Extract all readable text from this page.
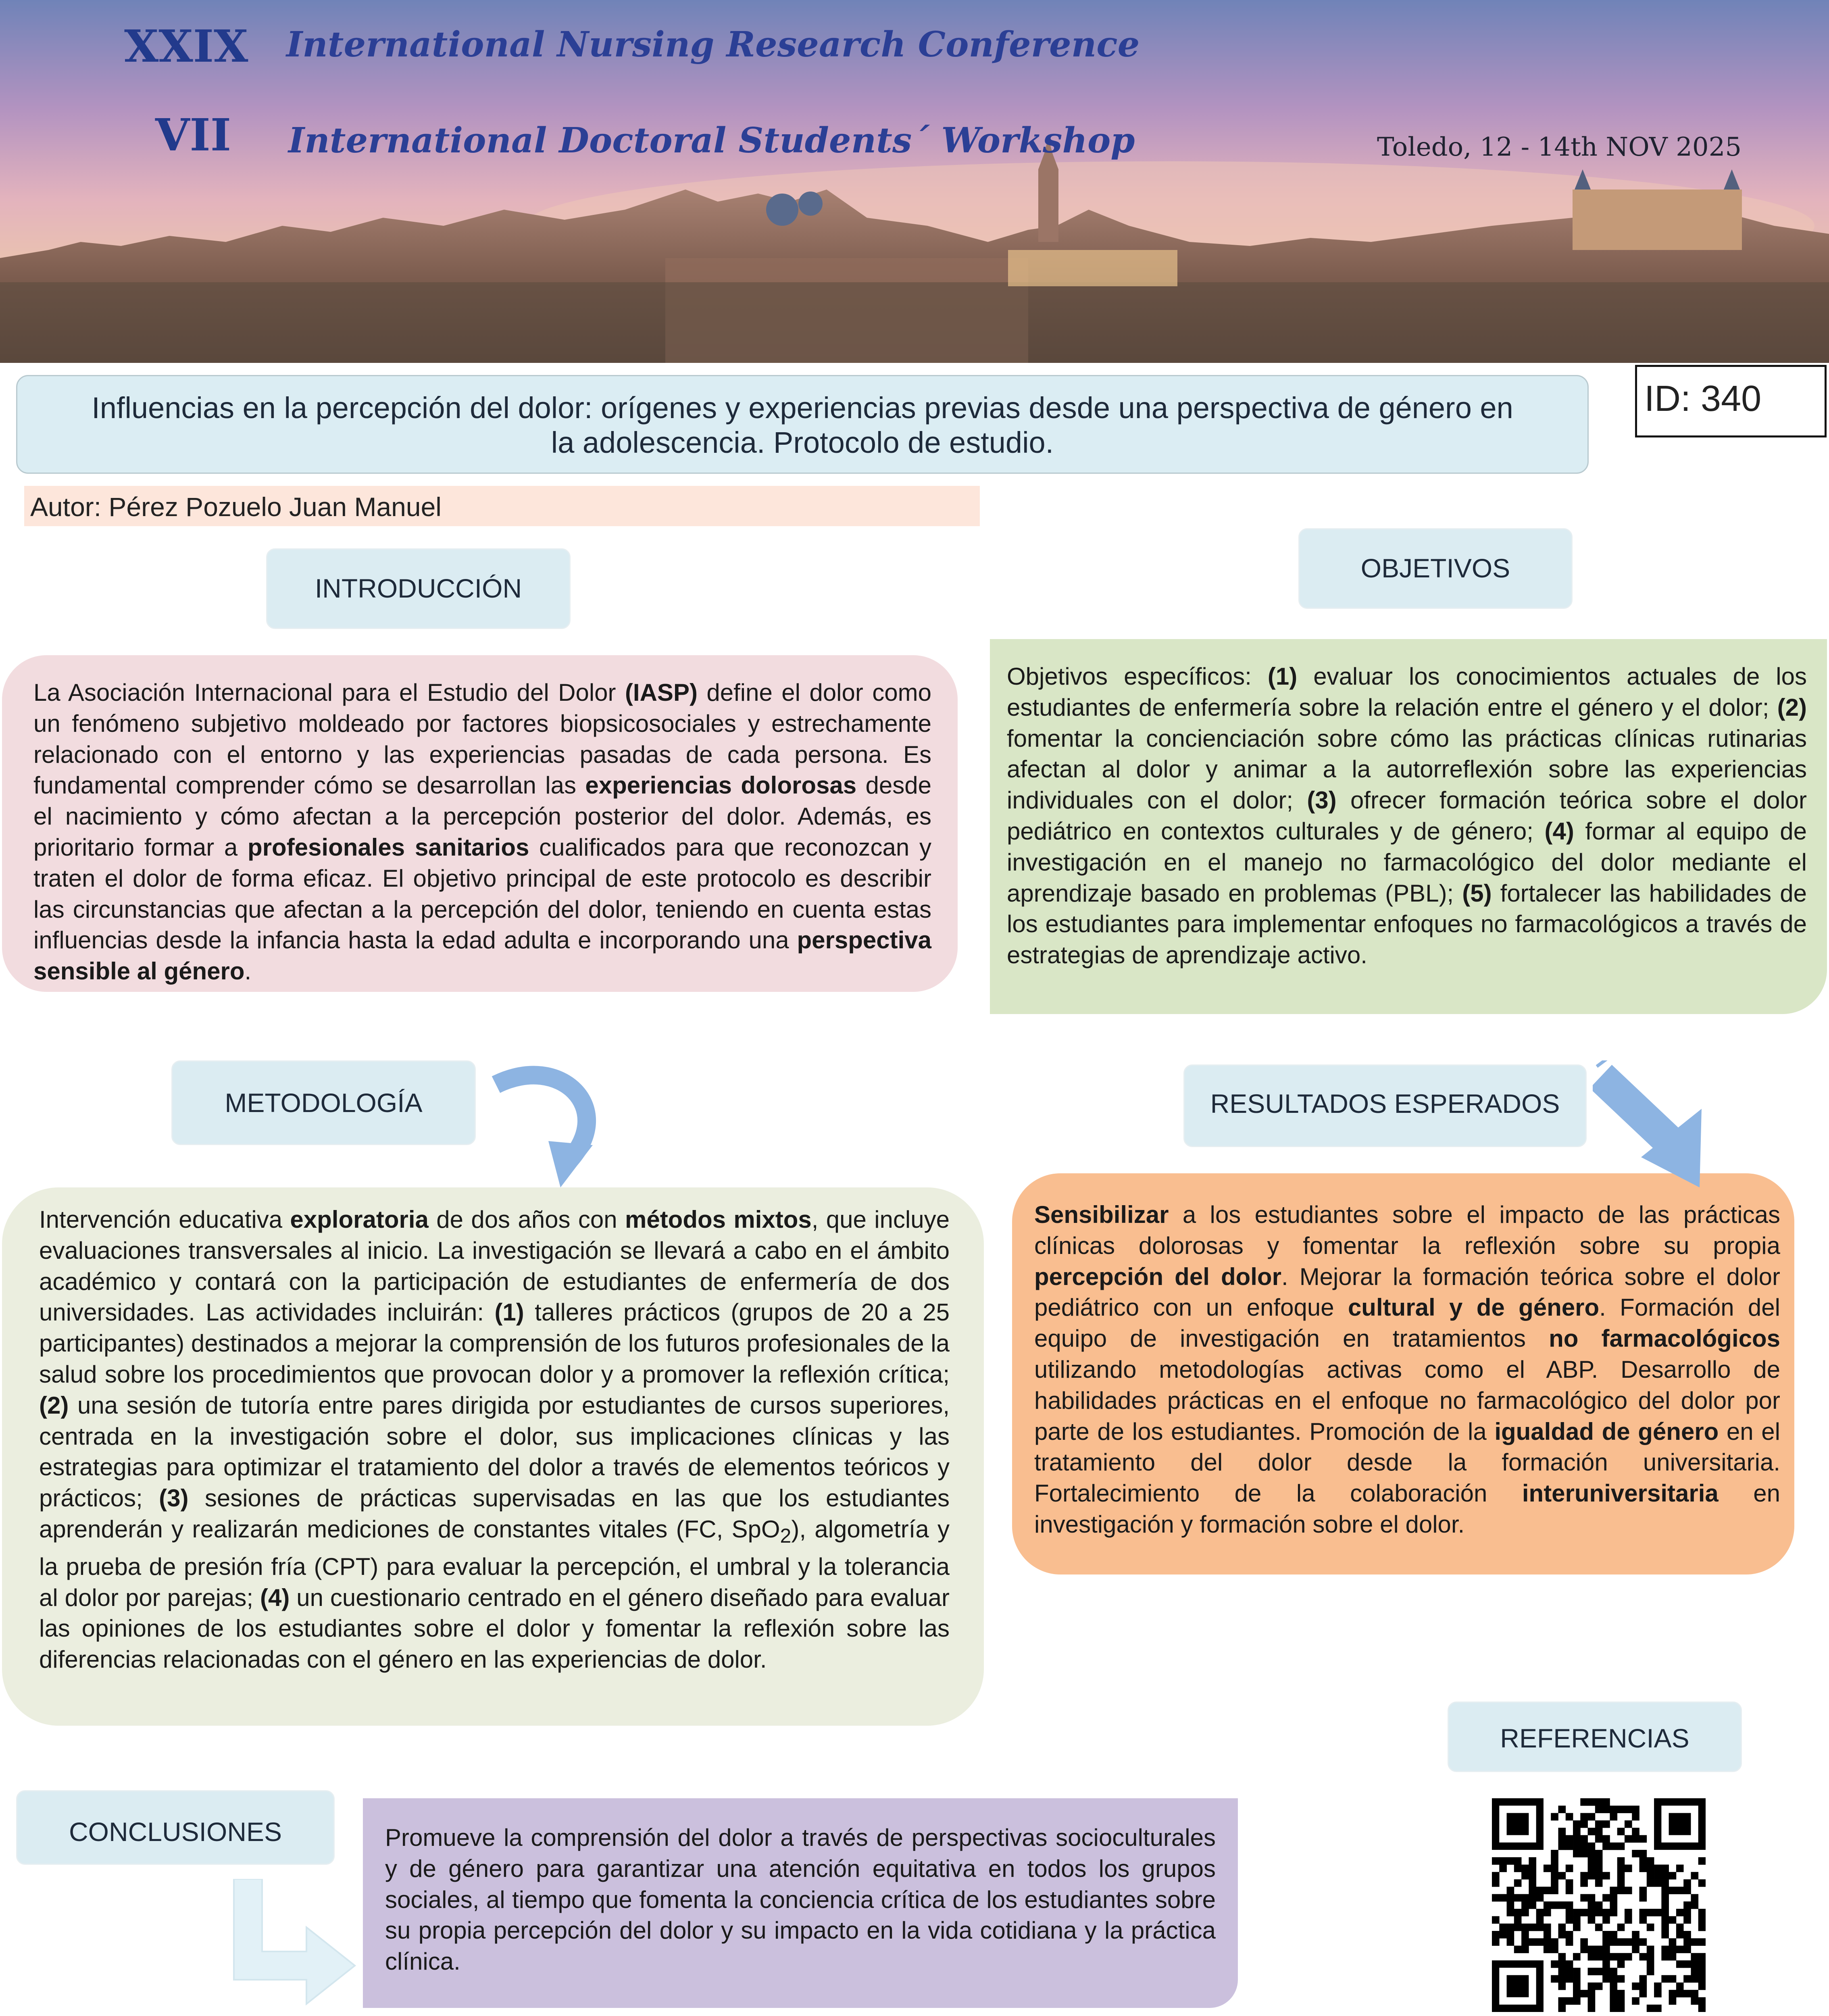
XXIX International Nursing Research Conference
VII International Doctoral Students´ Workshop	Toledo, 12 - 14th NOV 2025
Influencias en la percepción del dolor: orígenes y experiencias previas desde una perspectiva de género en
la adolescencia. Protocolo de estudio.
ID: 340
Autor: Pérez Pozuelo Juan Manuel
INTRODUCCIÓN
OBJETIVOS
METODOLOGÍA	RESULTADOS ESPERADOS
REFERENCIAS
CONCLUSIONES
La Asociación Internacional para el Estudio del Dolor (IASP) define el dolor como un fenómeno subjetivo moldeado por factores biopsicosociales y estrechamente relacionado con el entorno y las experiencias pasadas de cada persona. Es fundamental comprender cómo se desarrollan las experiencias dolorosas desde el nacimiento y cómo afectan a la percepción posterior del dolor. Además, es prioritario formar a profesionales sanitarios cualificados para que reconozcan y traten el dolor de forma eficaz. El objetivo principal de este protocolo es describir las circunstancias que afectan a la percepción del dolor, teniendo en cuenta estas influencias desde la infancia hasta la edad adulta e incorporando una perspectiva sensible al género.
Objetivos específicos: (1) evaluar los conocimientos actuales de los estudiantes de enfermería sobre la relación entre el género y el dolor; (2) fomentar la concienciación sobre cómo las prácticas clínicas rutinarias afectan al dolor y animar a la autorreflexión sobre las experiencias individuales con el dolor; (3) ofrecer formación teórica sobre el dolor pediátrico en contextos culturales y de género; (4) formar al equipo de investigación en el manejo no farmacológico del dolor mediante el aprendizaje basado en problemas (PBL); (5) fortalecer las habilidades de los estudiantes para implementar enfoques no farmacológicos a través de estrategias de aprendizaje activo.
Intervención educativa exploratoria de dos años con métodos mixtos, que incluye evaluaciones transversales al inicio. La investigación se llevará a cabo en el ámbito académico y contará con la participación de estudiantes de enfermería de dos universidades. Las actividades incluirán: (1) talleres prácticos (grupos de 20 a 25 participantes) destinados a mejorar la comprensión de los futuros profesionales de la salud sobre los procedimientos que provocan dolor y a promover la reflexión crítica; (2) una sesión de tutoría entre pares dirigida por estudiantes de cursos superiores, centrada en la investigación sobre el dolor, sus implicaciones clínicas y las estrategias para optimizar el tratamiento del dolor a través de elementos teóricos y prácticos; (3) sesiones de prácticas supervisadas en las que los estudiantes aprenderán y realizarán mediciones de constantes vitales (FC, SpO$_2$), algometría y la prueba de presión fría (CPT) para evaluar la percepción, el umbral y la tolerancia al dolor por parejas; (4) un cuestionario centrado en el género diseñado para evaluar las opiniones de los estudiantes sobre el dolor y fomentar la reflexión sobre las diferencias relacionadas con el género en las experiencias de dolor.
Sensibilizar a los estudiantes sobre el impacto de las prácticas clínicas dolorosas y fomentar la reflexión sobre su propia percepción del dolor. Mejorar la formación teórica sobre el dolor pediátrico con un enfoque cultural y de género. Formación del equipo de investigación en tratamientos no farmacológicos utilizando metodologías activas como el ABP. Desarrollo de habilidades prácticas en el enfoque no farmacológico del dolor por parte de los estudiantes. Promoción de la igualdad de género en el tratamiento del dolor desde la formación universitaria. Fortalecimiento de la colaboración interuniversitaria en investigación y formación sobre el dolor.
Promueve la comprensión del dolor a través de perspectivas socioculturales y de género para garantizar una atención equitativa en todos los grupos sociales, al tiempo que fomenta la conciencia crítica de los estudiantes sobre su propia percepción del dolor y su impacto en la vida cotidiana y la práctica clínica.
